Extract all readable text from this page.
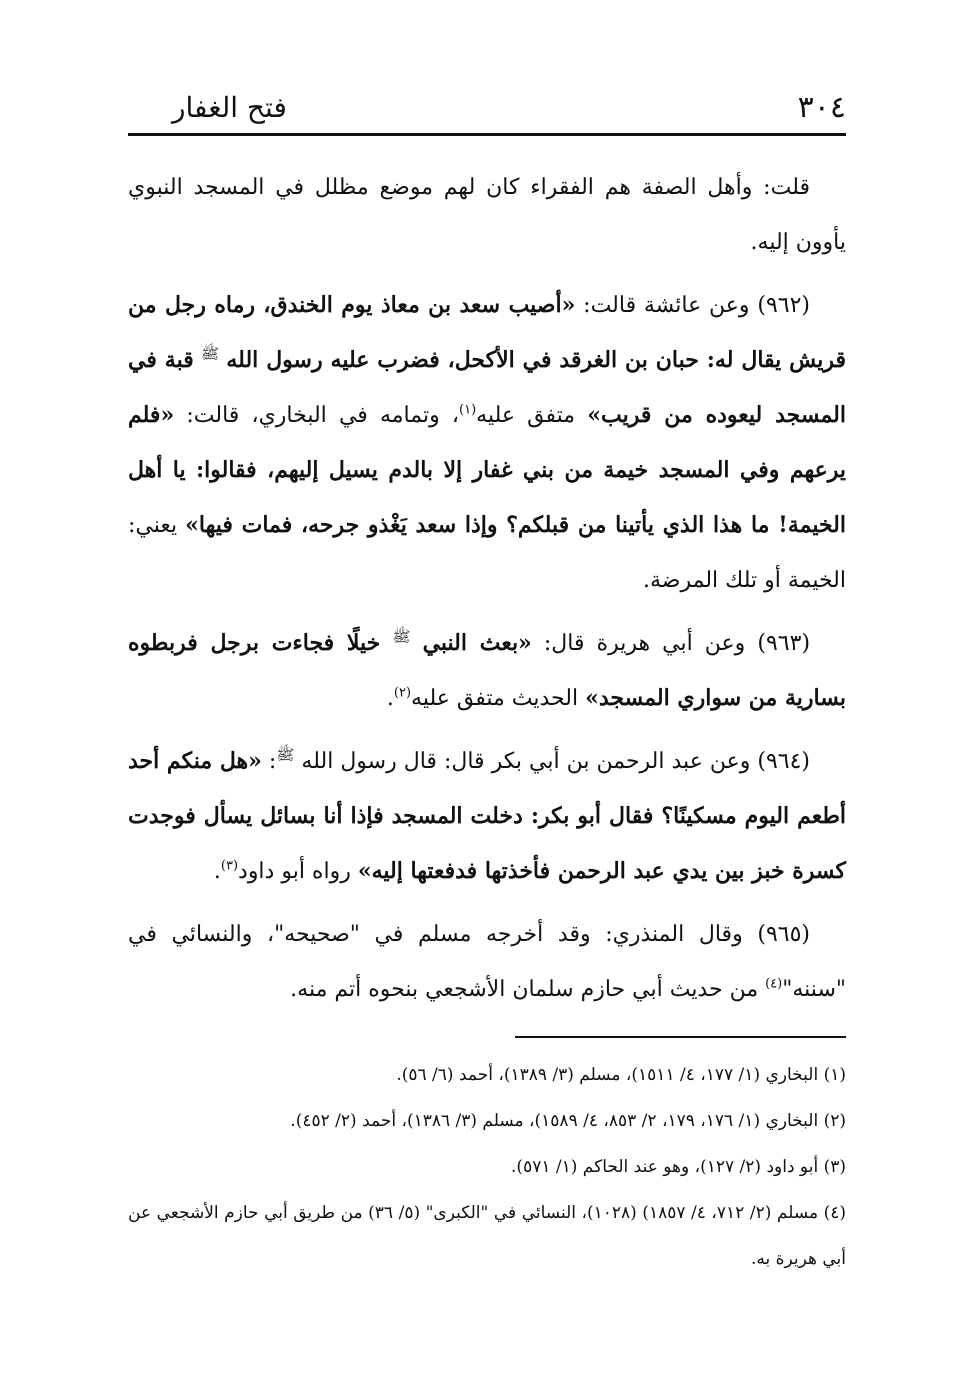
٣٠٤
فتح الغفار

قلت: وأهل الصفة هم الفقراء كان لهم موضع مظلل في المسجد النبوي يأوون إليه.

(٩٦٢) وعن عائشة قالت: «أصيب سعد بن معاذ يوم الخندق، رماه رجل من قريش يقال له: حبان بن الغرقد في الأكحل، فضرب عليه رسول الله $^ﷺ$ قبة في المسجد ليعوده من قريب» متفق عليه$^{(١)}$، وتمامه في البخاري، قالت: «فلم يرعهم وفي المسجد خيمة من بني غفار إلا بالدم يسيل إليهم، فقالوا: يا أهل الخيمة! ما هذا الذي يأتينا من قبلكم؟ وإذا سعد يَغْذو جرحه، فمات فيها» يعني: الخيمة أو تلك المرضة.

(٩٦٣) وعن أبي هريرة قال: «بعث النبي $^ﷺ$ خيلًا فجاءت برجل فربطوه بسارية من سواري المسجد» الحديث متفق عليه$^{(٢)}$.

(٩٦٤) وعن عبد الرحمن بن أبي بكر قال: قال رسول الله $^ﷺ$: «هل منكم أحد أطعم اليوم مسكينًا؟ فقال أبو بكر: دخلت المسجد فإذا أنا بسائل يسأل فوجدت كسرة خبز بين يدي عبد الرحمن فأخذتها فدفعتها إليه» رواه أبو داود$^{(٣)}$.

(٩٦٥) وقال المنذري: وقد أخرجه مسلم في "صحيحه"، والنسائي في "سننه"$^{(٤)}$ من حديث أبي حازم سلمان الأشجعي بنحوه أتم منه.

(١) البخاري (١/ ١٧٧، ٤/ ١٥١١)، مسلم (٣/ ١٣٨٩)، أحمد (٦/ ٥٦).

(٢) البخاري (١/ ١٧٦، ١٧٩، ٢/ ٨٥٣، ٤/ ١٥٨٩)، مسلم (٣/ ١٣٨٦)، أحمد (٢/ ٤٥٢).

(٣) أبو داود (٢/ ١٢٧)، وهو عند الحاكم (١/ ٥٧١).

(٤) مسلم (٢/ ٧١٢، ٤/ ١٨٥٧) (١٠٢٨)، النسائي في "الكبرى" (٥/ ٣٦) من طريق أبي حازم الأشجعي عن أبي هريرة به.
